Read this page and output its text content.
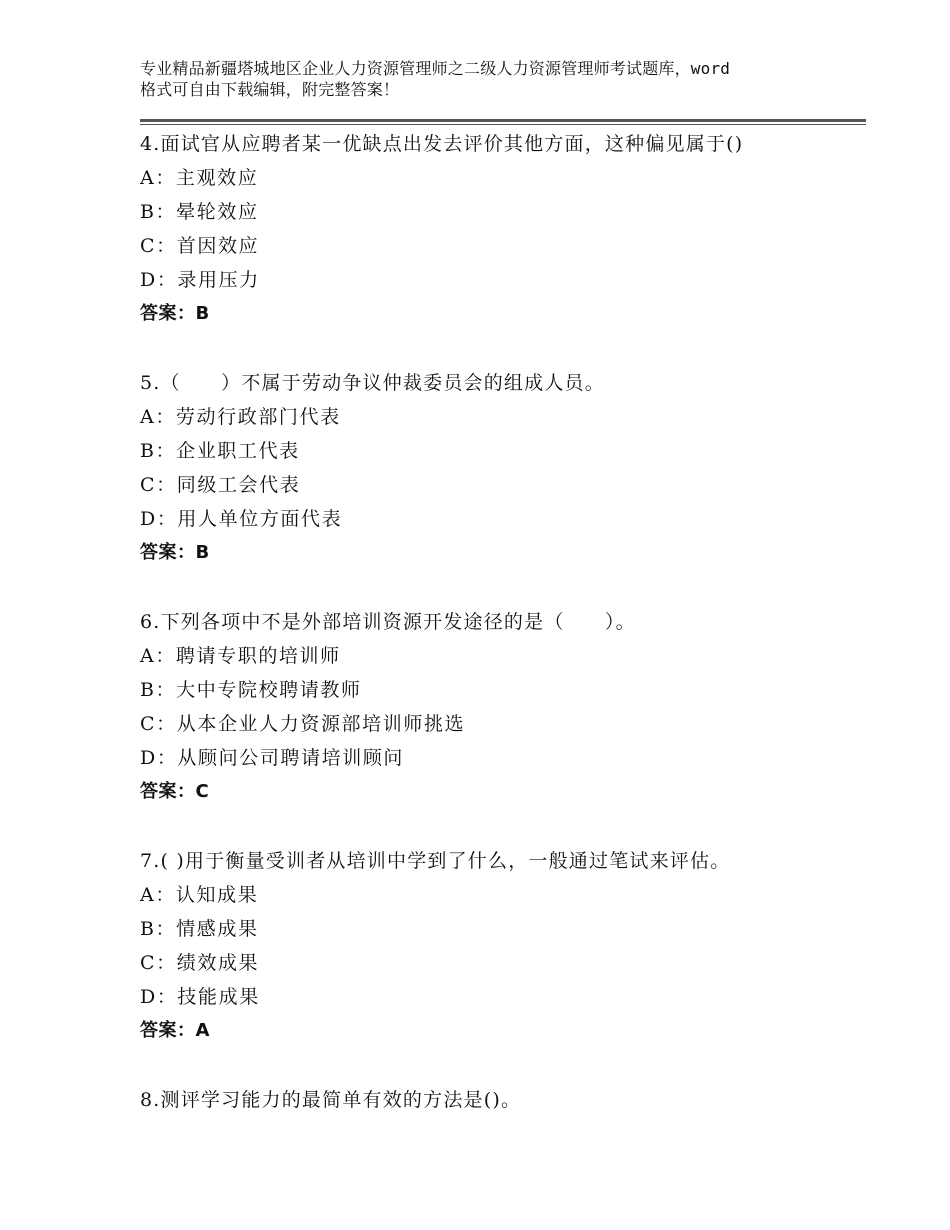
专业精品新疆塔城地区企业人力资源管理师之二级人力资源管理师考试题库，word
格式可自由下载编辑，附完整答案！
4.面试官从应聘者某一优缺点出发去评价其他方面，这种偏见属于()
A：主观效应
B：晕轮效应
C：首因效应
D：录用压力
答案：B
5.（　　）不属于劳动争议仲裁委员会的组成人员。
A：劳动行政部门代表
B：企业职工代表
C：同级工会代表
D：用人单位方面代表
答案：B
6.下列各项中不是外部培训资源开发途径的是（　　）。
A：聘请专职的培训师
B：大中专院校聘请教师
C：从本企业人力资源部培训师挑选
D：从顾问公司聘请培训顾问
答案：C
7.( )用于衡量受训者从培训中学到了什么，一般通过笔试来评估。
A：认知成果
B：情感成果
C：绩效成果
D：技能成果
答案：A
8.测评学习能力的最简单有效的方法是()。
